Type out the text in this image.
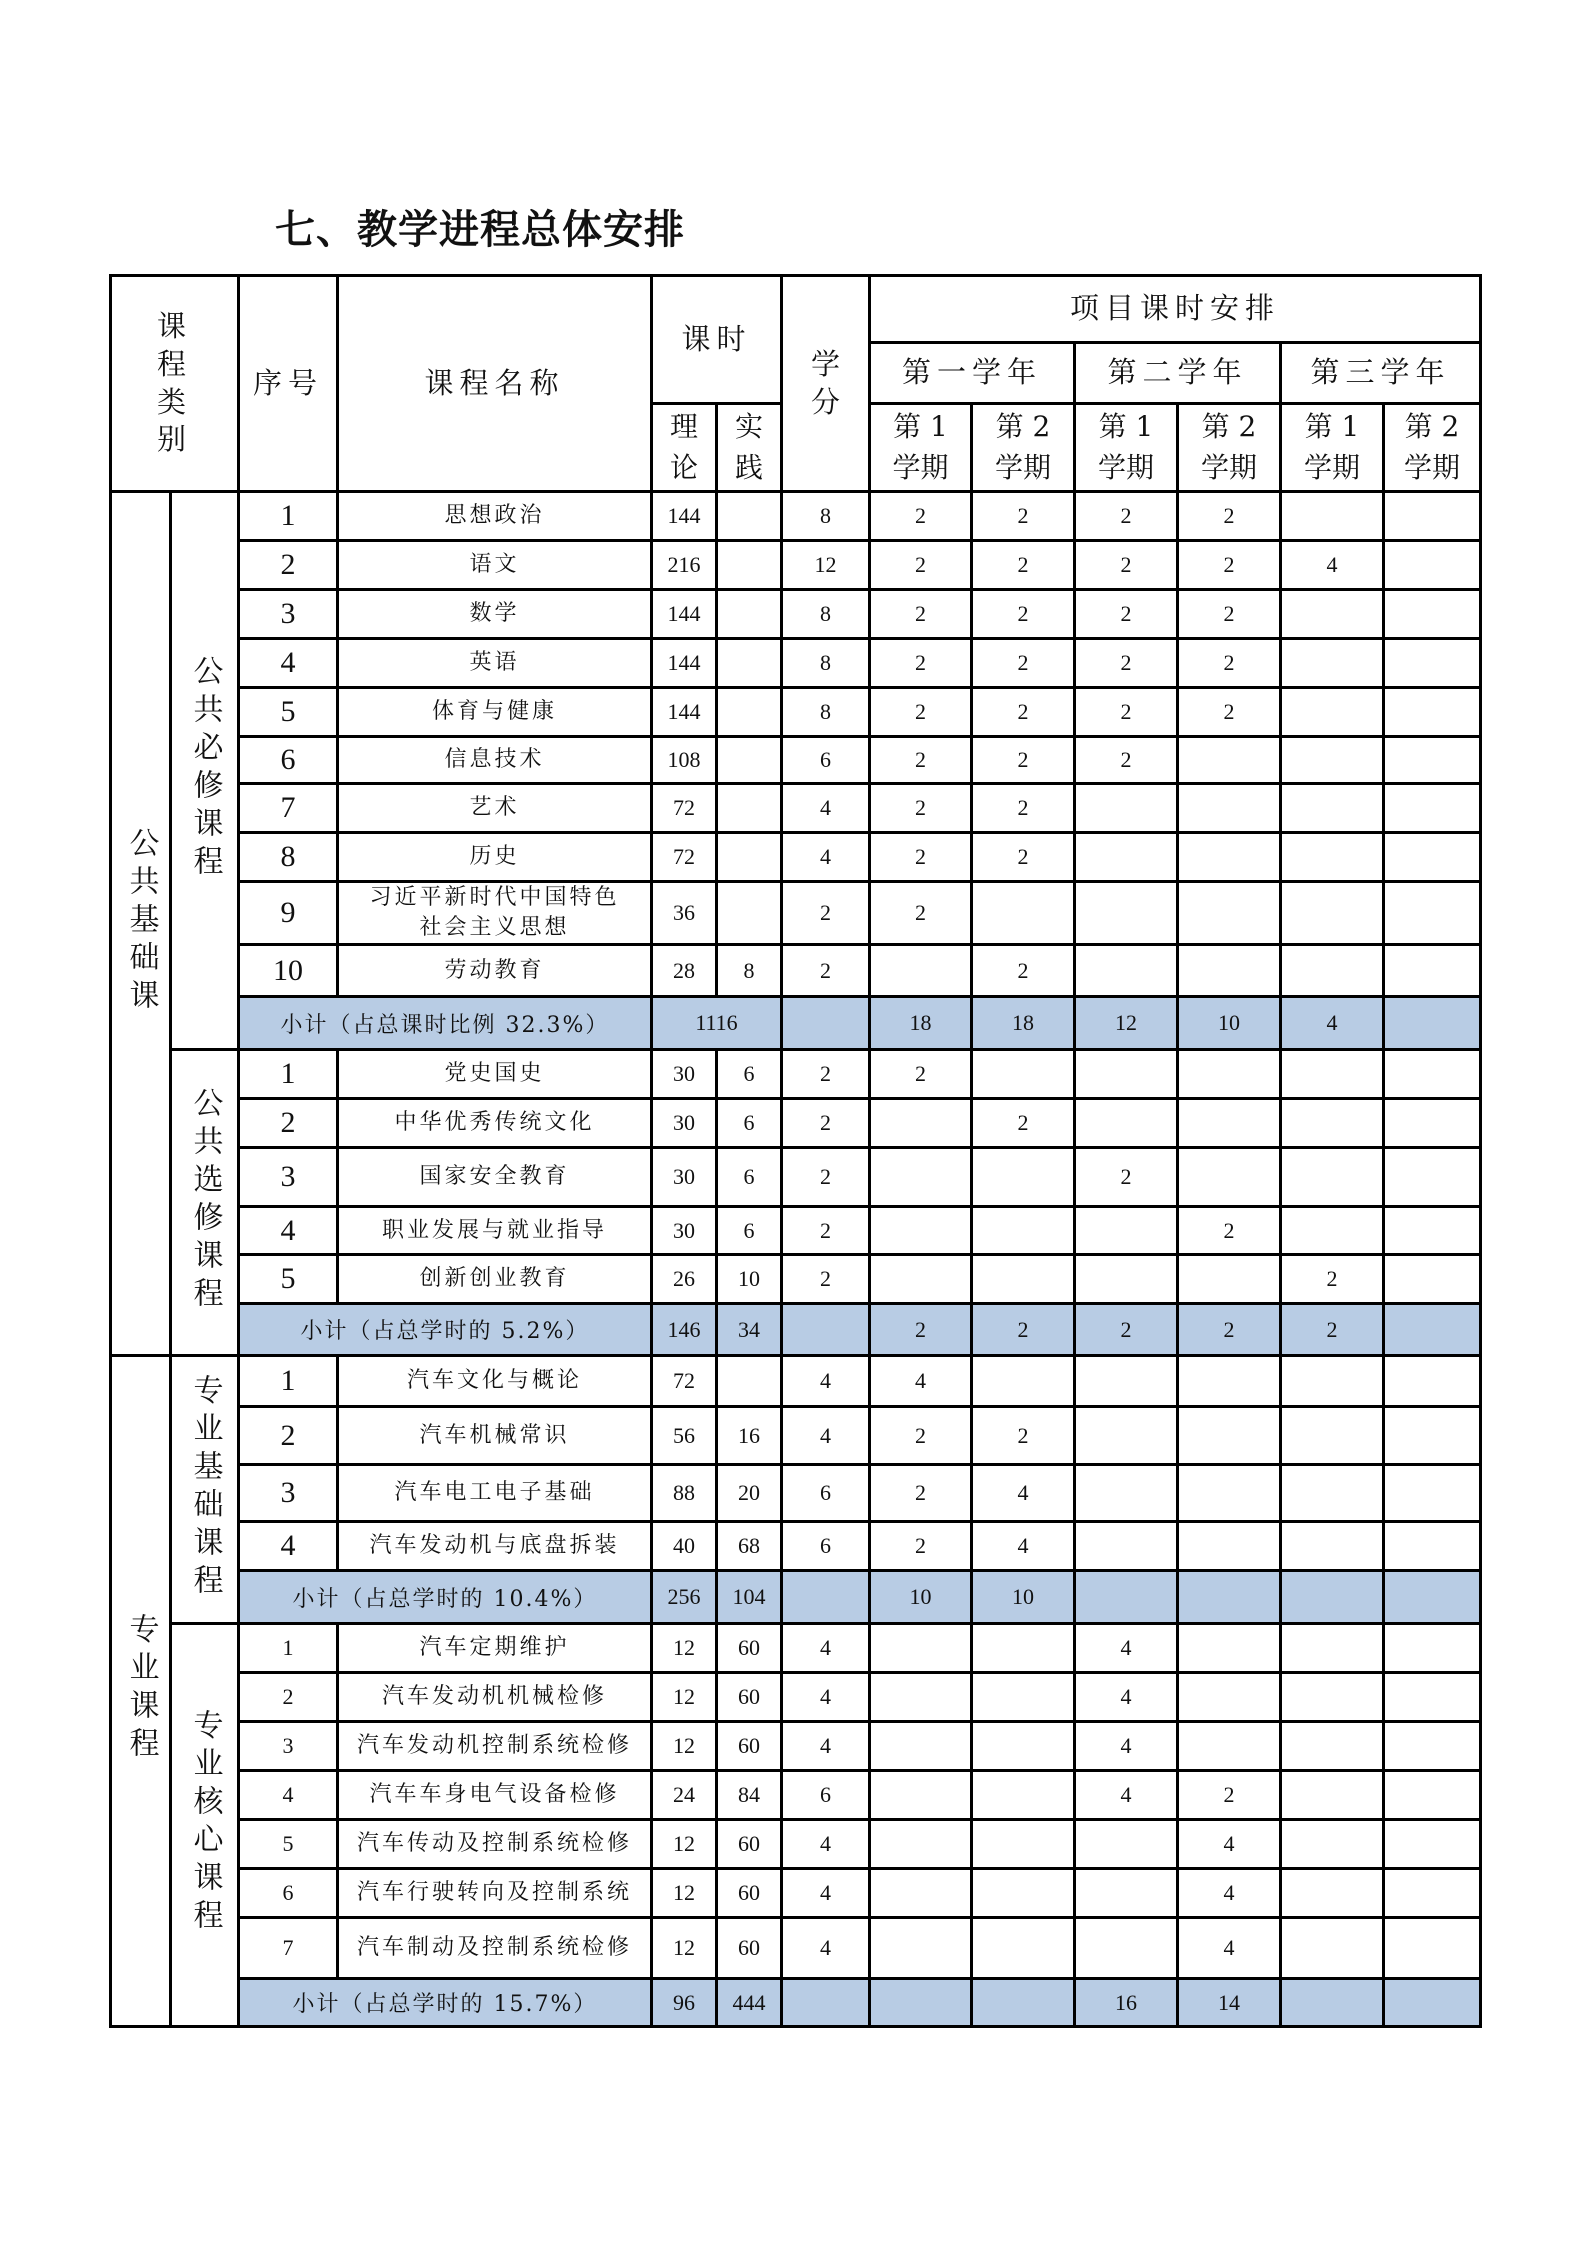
七、教学进程总体安排
课程类别		序号	课程名称	课时		学分	项目课时安排					
							第一学年		第二学年		第三学年	
				理论	实践		第 1 学期	第 2 学期	第 1 学期	第 2 学期	第 1 学期	第 2 学期
公共基础课	公共必修课程	1	思想政治	144		8	2	2	2	2		
		2	语文	216		12	2	2	2	2	4	
		3	数学	144		8	2	2	2	2		
		4	英语	144		8	2	2	2	2		
		5	体育与健康	144		8	2	2	2	2		
		6	信息技术	108		6	2	2	2			
		7	艺术	72		4	2	2				
		8	历史	72		4	2	2				
		9	习近平新时代中国特色
社会主义思想	36		2	2					
		10	劳动教育	28	8	2		2				
		小计（占总课时比例 32.3%）		1116			18	18	12	10	4	
	公共选修课程	1	党史国史	30	6	2	2					
		2	中华优秀传统文化	30	6	2		2				
		3	国家安全教育	30	6	2			2			
		4	职业发展与就业指导	30	6	2				2		
		5	创新创业教育	26	10	2					2	
		小计（占总学时的 5.2%）		146	34		2	2	2	2	2	
专业课程	专业基础课程	1	汽车文化与概论	72		4	4					
		2	汽车机械常识	56	16	4	2	2				
		3	汽车电工电子基础	88	20	6	2	4				
		4	汽车发动机与底盘拆装	40	68	6	2	4				
		小计（占总学时的 10.4%）		256	104		10	10				
	专业核心课程	1	汽车定期维护	12	60	4			4			
		2	汽车发动机机械检修	12	60	4			4			
		3	汽车发动机控制系统检修	12	60	4			4			
		4	汽车车身电气设备检修	24	84	6			4	2		
		5	汽车传动及控制系统检修	12	60	4				4		
		6	汽车行驶转向及控制系统	12	60	4				4		
		7	汽车制动及控制系统检修	12	60	4				4		
		小计（占总学时的 15.7%）		96	444				16	14		
